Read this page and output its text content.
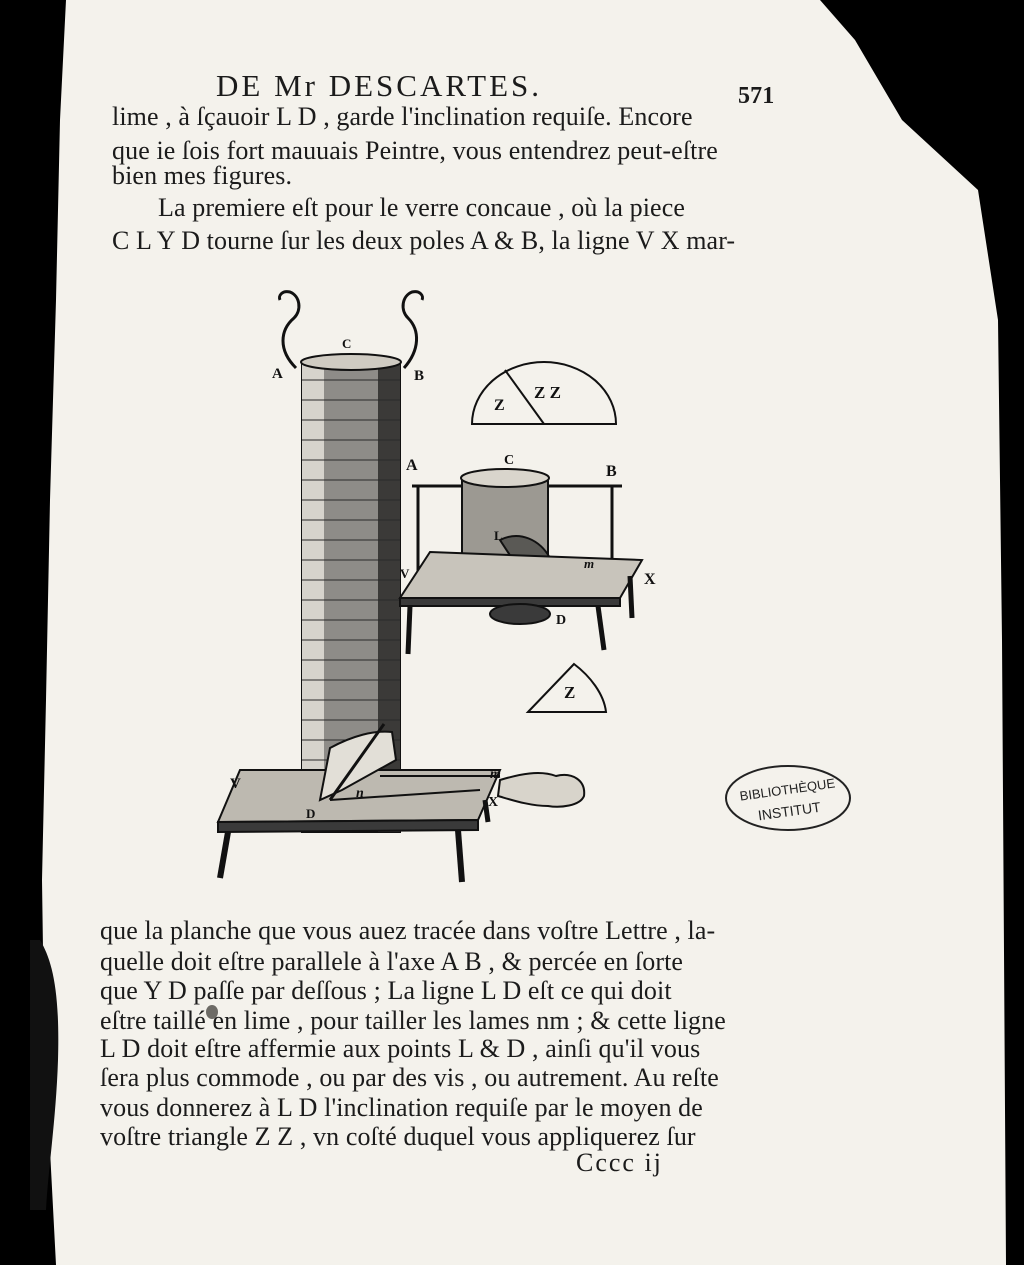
A	B
C
V
D
n
m
X
A	C
B
L
V
m
X
D
Z Z
Z
Z
BIBLIOTHÈQUE
INSTITUT
DE Mr DESCARTES.	571
lime , à ſçauoir L D , garde l'inclination requiſe. Encore
que ie ſois fort mauuais Peintre, vous entendrez peut-eſtre
bien mes figures.
La premiere eſt pour le verre concaue , où la piece
C L Y D tourne ſur les deux poles A & B, la ligne V X mar-
que la planche que vous auez tracée dans voſtre Lettre , la-
quelle doit eſtre parallele à l'axe A B , & percée en ſorte
que Y D paſſe par deſſous ; La ligne L D eſt ce qui doit
eſtre taillé en lime , pour tailler les lames nm ; & cette ligne
L D doit eſtre affermie aux points L & D , ainſi qu'il vous
ſera plus commode , ou par des vis , ou autrement. Au reſte
vous donnerez à L D l'inclination requiſe par le moyen de
voſtre triangle Z Z , vn coſté duquel vous appliquerez ſur
Cccc ij
